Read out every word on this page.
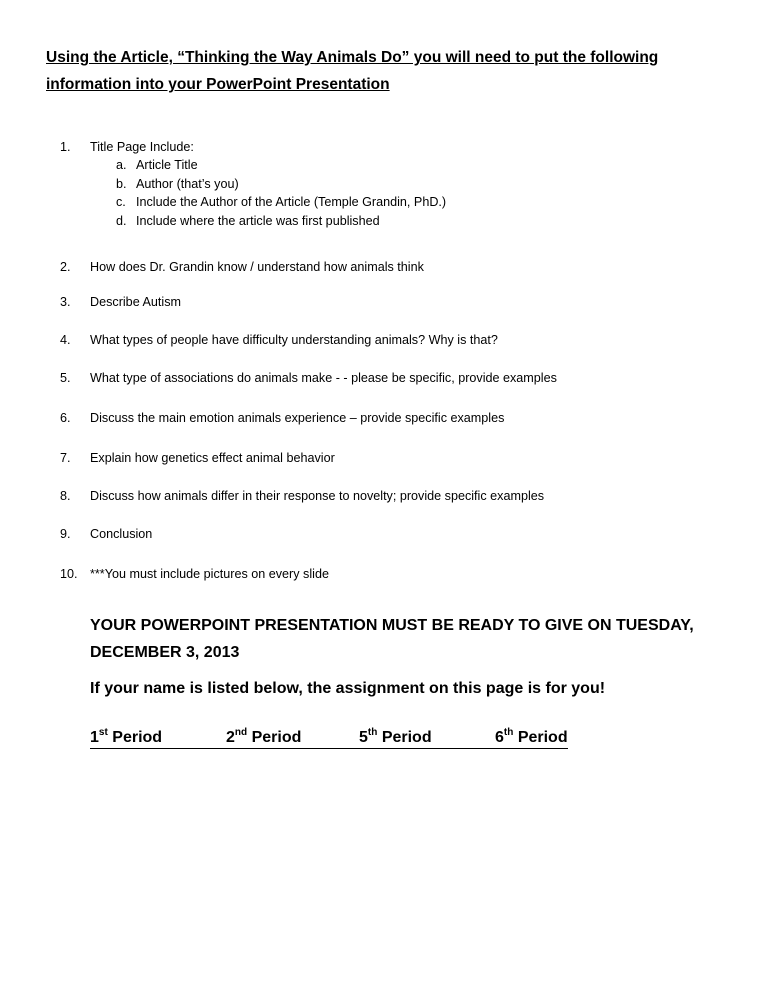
Using the Article, “Thinking the Way Animals Do” you will need to put the following
information into your PowerPoint Presentation
1. Title Page Include:
a. Article Title
b. Author (that’s you)
c. Include the Author of the Article (Temple Grandin, PhD.)
d. Include where the article was first published
2. How does Dr. Grandin know / understand how animals think
3. Describe Autism
4. What types of people have difficulty understanding animals? Why is that?
5. What type of associations do animals make - - please be specific, provide examples
6. Discuss the main emotion animals experience – provide specific examples
7. Explain how genetics effect animal behavior
8. Discuss how animals differ in their response to novelty; provide specific examples
9. Conclusion
10. ***You must include pictures on every slide
YOUR POWERPOINT PRESENTATION MUST BE READY TO GIVE ON TUESDAY,
DECEMBER 3, 2013
If your name is listed below, the assignment on this page is for you!
1st Period	2nd Period	5th Period	6th Period
